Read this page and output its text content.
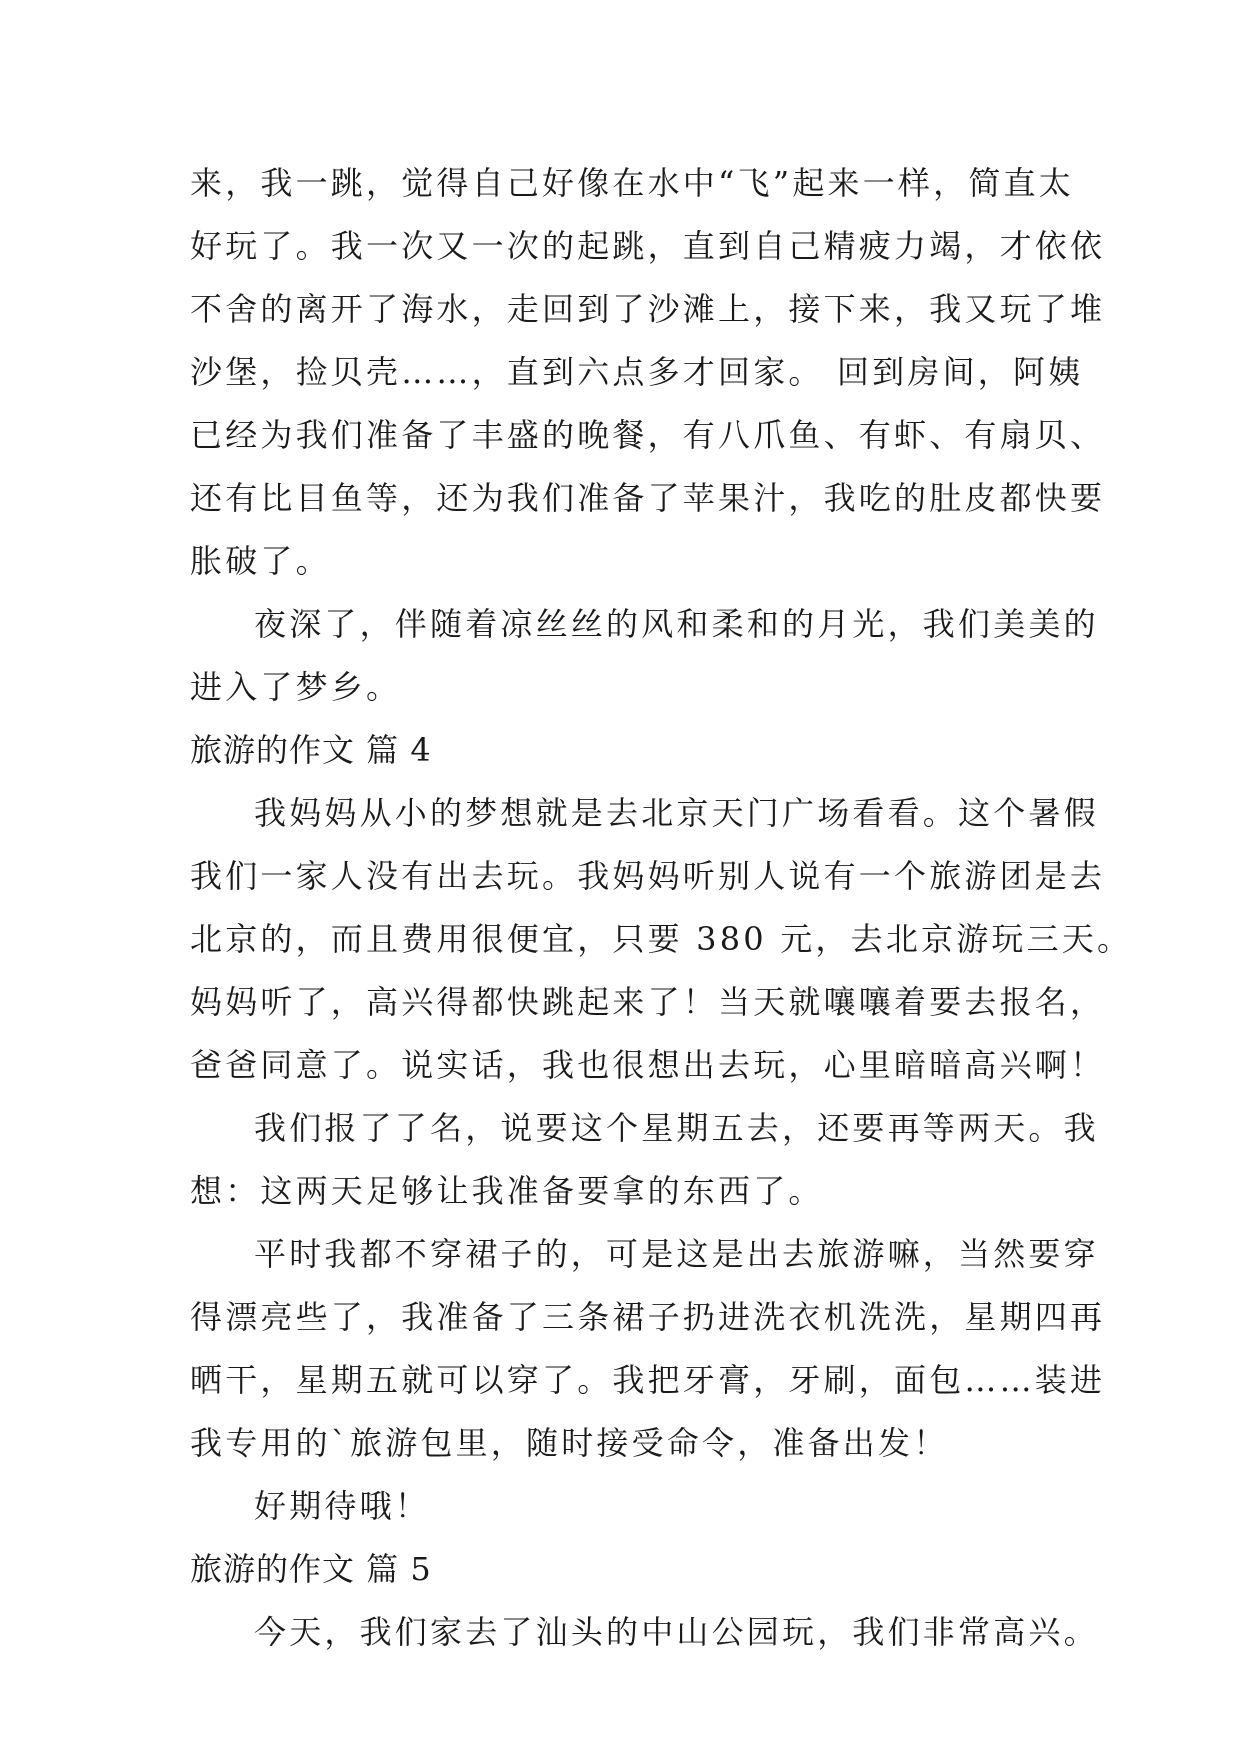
来，我一跳，觉得自己好像在水中“飞”起来一样，简直太
好玩了。我一次又一次的起跳，直到自己精疲力竭，才依依
不舍的离开了海水，走回到了沙滩上，接下来，我又玩了堆
沙堡，捡贝壳……，直到六点多才回家。 回到房间，阿姨
已经为我们准备了丰盛的晚餐，有八爪鱼、有虾、有扇贝、
还有比目鱼等，还为我们准备了苹果汁，我吃的肚皮都快要
胀破了。
夜深了，伴随着凉丝丝的风和柔和的月光，我们美美的
进入了梦乡。
旅游的作文 篇 4
我妈妈从小的梦想就是去北京天门广场看看。这个暑假
我们一家人没有出去玩。我妈妈听别人说有一个旅游团是去
北京的，而且费用很便宜，只要 380 元，去北京游玩三天。
妈妈听了，高兴得都快跳起来了！当天就嚷嚷着要去报名，
爸爸同意了。说实话，我也很想出去玩，心里暗暗高兴啊！
我们报了了名，说要这个星期五去，还要再等两天。我
想：这两天足够让我准备要拿的东西了。
平时我都不穿裙子的，可是这是出去旅游嘛，当然要穿
得漂亮些了，我准备了三条裙子扔进洗衣机洗洗，星期四再
晒干，星期五就可以穿了。我把牙膏，牙刷，面包……装进
我专用的`旅游包里，随时接受命令，准备出发！
好期待哦！
旅游的作文 篇 5
今天，我们家去了汕头的中山公园玩，我们非常高兴。
